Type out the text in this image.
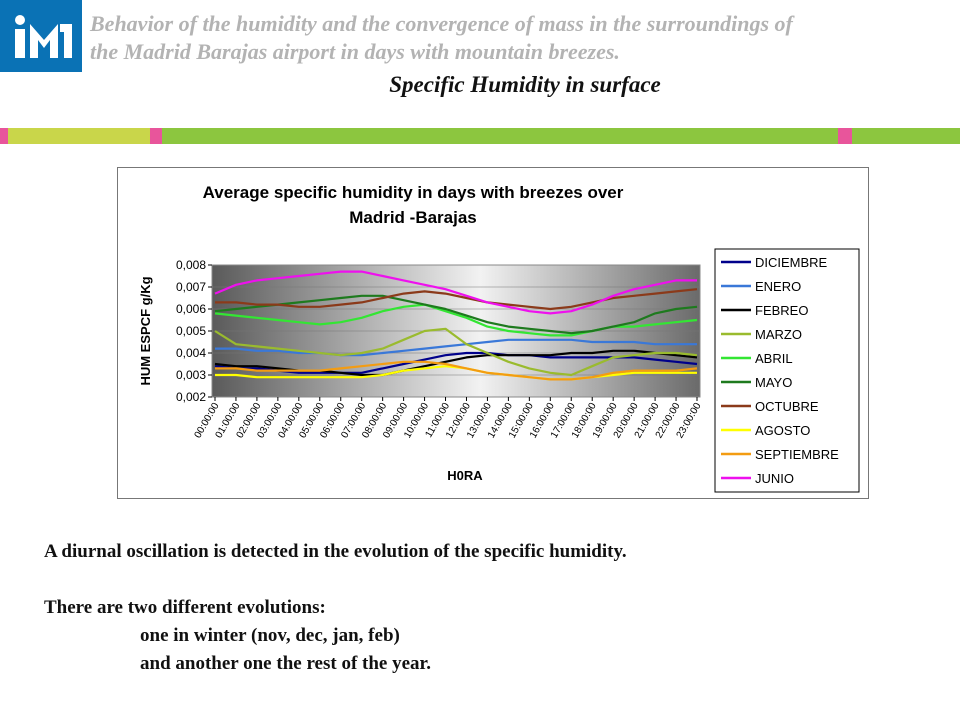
Behavior of the humidity and the convergence of mass in the surroundings of
the Madrid Barajas airport in days with mountain breezes.
Specific Humidity in surface
Average specific humidity in days with breezes over
Madrid -Barajas
0,002
0,003
0,004
0,005
0,006
0,007
0,008
00:00:00
01:00:00
02:00:00
03:00:00
04:00:00
05:00:00
06:00:00
07:00:00
08:00:00
09:00:00
10:00:00
11:00:00
12:00:00
13:00:00
14:00:00
15:00:00
16:00:00
17:00:00
18:00:00
19:00:00
20:00:00
21:00:00
22:00:00
23:00:00
HUM ESPCF g/Kg
H0RA
DICIEMBRE
ENERO
FEBREO
MARZO
ABRIL
MAYO
OCTUBRE
AGOSTO
SEPTIEMBRE
JUNIO

A diurnal oscillation is detected in the evolution of the specific humidity.

There are two different evolutions:

one in winter (nov, dec, jan, feb)

and another one the rest of the year.
